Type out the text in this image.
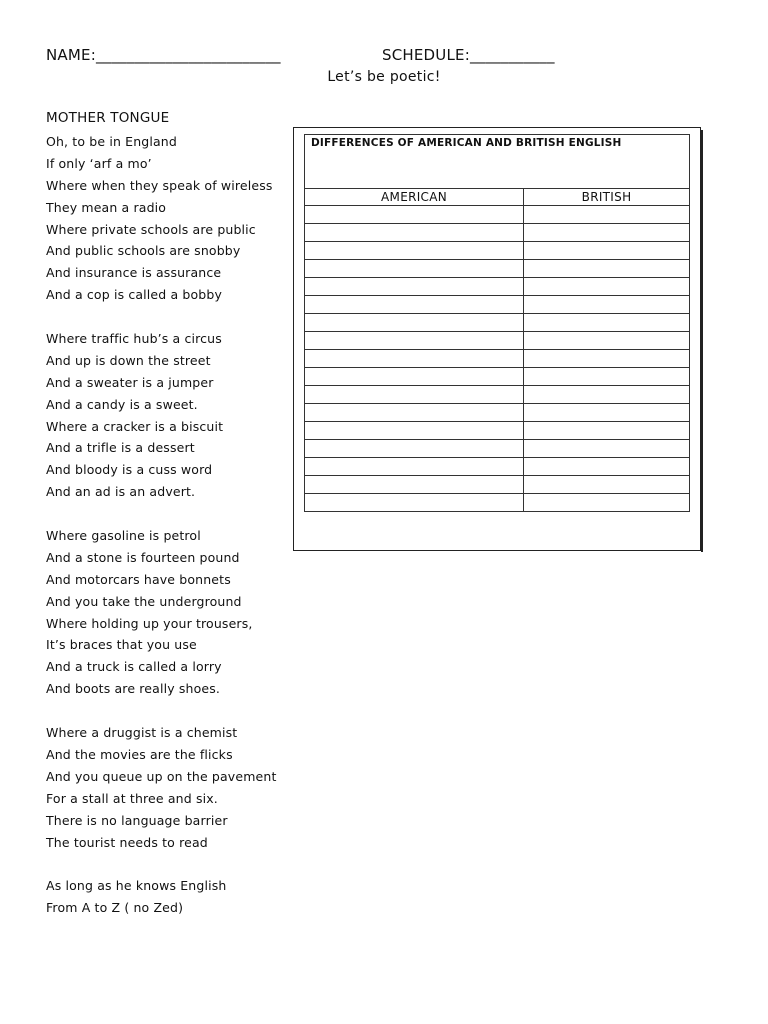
NAME:________________________	SCHEDULE:___________
Let’s be poetic!
MOTHER TONGUE
Oh, to be in England
If only ‘arf a mo’
Where when they speak of wireless
They mean a radio
Where private schools are public
And public schools are snobby
And insurance is assurance
And a cop is called a bobby
Where traffic hub’s a circus
And up is down the street
And a sweater is a jumper
And a candy is a sweet.
Where a cracker is a biscuit
And a trifle is a dessert
And bloody is a cuss word
And an ad is an advert.
Where gasoline is petrol
And a stone is fourteen pound
And motorcars have bonnets
And you take the underground
Where holding up your trousers,
It’s braces that you use
And a truck is called a lorry
And boots are really shoes.
Where a druggist is a chemist
And the movies are the flicks
And you queue up on the pavement
For a stall at three and six.
There is no language barrier
The tourist needs to read
As long as he knows English
From A to Z ( no Zed)
DIFFERENCES OF AMERICAN AND BRITISH ENGLISH	
AMERICAN	BRITISH
